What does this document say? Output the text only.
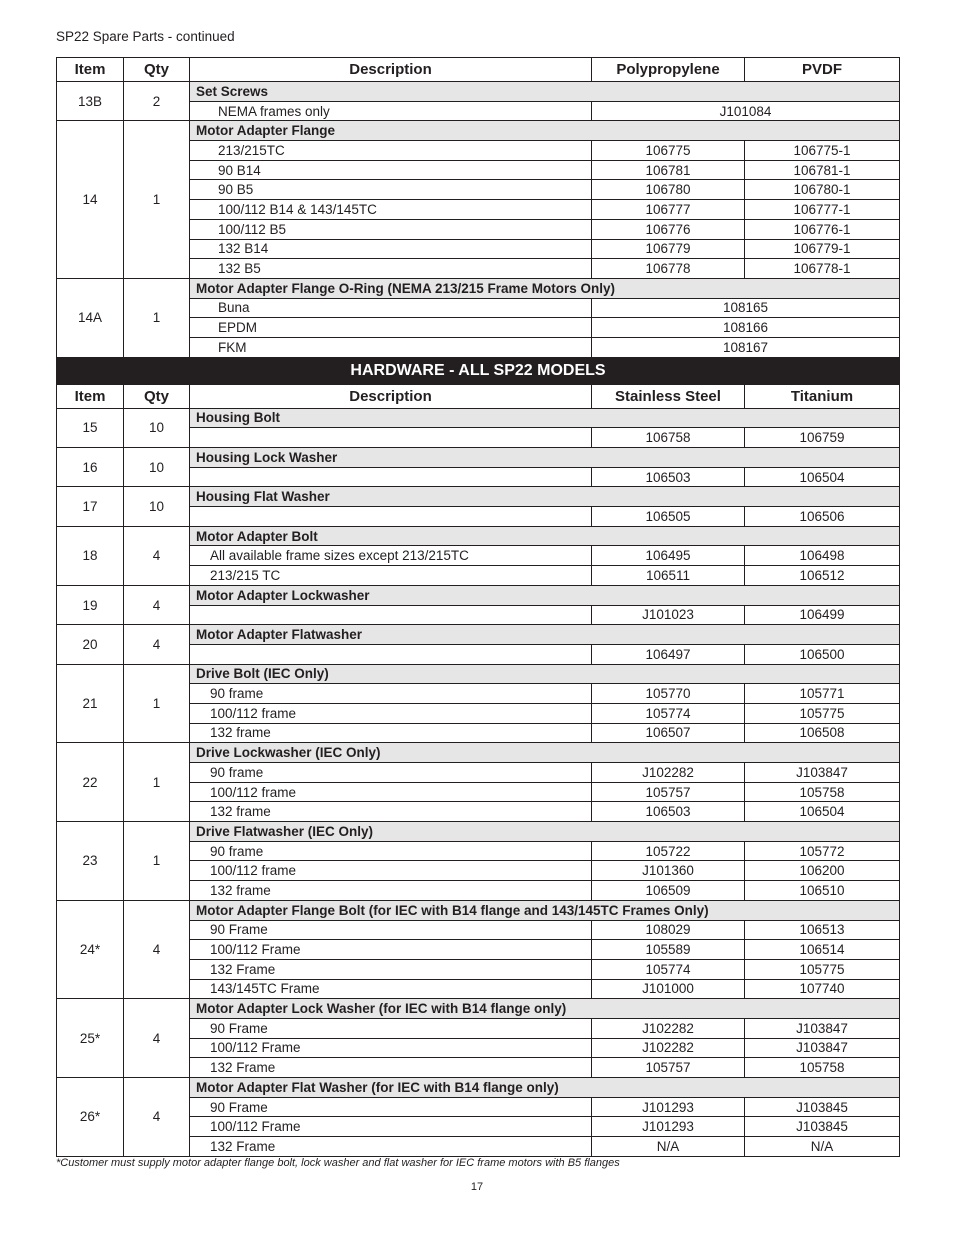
SP22 Spare Parts - continued
Item	Qty	Description	Polypropylene	PVDF
13B	2	Set Screws		
		NEMA frames only	J101084	
14	1	Motor Adapter Flange		
		213/215TC	106775	106775-1
		90 B14	106781	106781-1
		90 B5	106780	106780-1
		100/112 B14 & 143/145TC	106777	106777-1
		100/112 B5	106776	106776-1
		132 B14	106779	106779-1
		132 B5	106778	106778-1
14A	1	Motor Adapter Flange O-Ring (NEMA 213/215 Frame Motors Only)		
		Buna	108165	
		EPDM	108166	
		FKM	108167	
HARDWARE - ALL SP22 MODELS				
Item	Qty	Description	Stainless Steel	Titanium
15	10	Housing Bolt		
			106758	106759
16	10	Housing Lock Washer		
			106503	106504
17	10	Housing Flat Washer		
			106505	106506
18	4	Motor Adapter Bolt		
		All available frame sizes except 213/215TC	106495	106498
		213/215 TC	106511	106512
19	4	Motor Adapter Lockwasher		
			J101023	106499
20	4	Motor Adapter Flatwasher		
			106497	106500
21	1	Drive Bolt (IEC Only)		
		90 frame	105770	105771
		100/112 frame	105774	105775
		132 frame	106507	106508
22	1	Drive Lockwasher (IEC Only)		
		90 frame	J102282	J103847
		100/112 frame	105757	105758
		132 frame	106503	106504
23	1	Drive Flatwasher (IEC Only)		
		90 frame	105722	105772
		100/112 frame	J101360	106200
		132 frame	106509	106510
24*	4	Motor Adapter Flange Bolt (for IEC with B14 flange and 143/145TC Frames Only)		
		90 Frame	108029	106513
		100/112 Frame	105589	106514
		132 Frame	105774	105775
		143/145TC Frame	J101000	107740
25*	4	Motor Adapter Lock Washer (for IEC with B14 flange only)		
		90 Frame	J102282	J103847
		100/112 Frame	J102282	J103847
		132 Frame	105757	105758
26*	4	Motor Adapter Flat Washer (for IEC with B14 flange only)		
		90 Frame	J101293	J103845
		100/112 Frame	J101293	J103845
		132 Frame	N/A	N/A
*Customer must supply motor adapter flange bolt, lock washer and flat washer for IEC frame motors with B5 flanges
17
